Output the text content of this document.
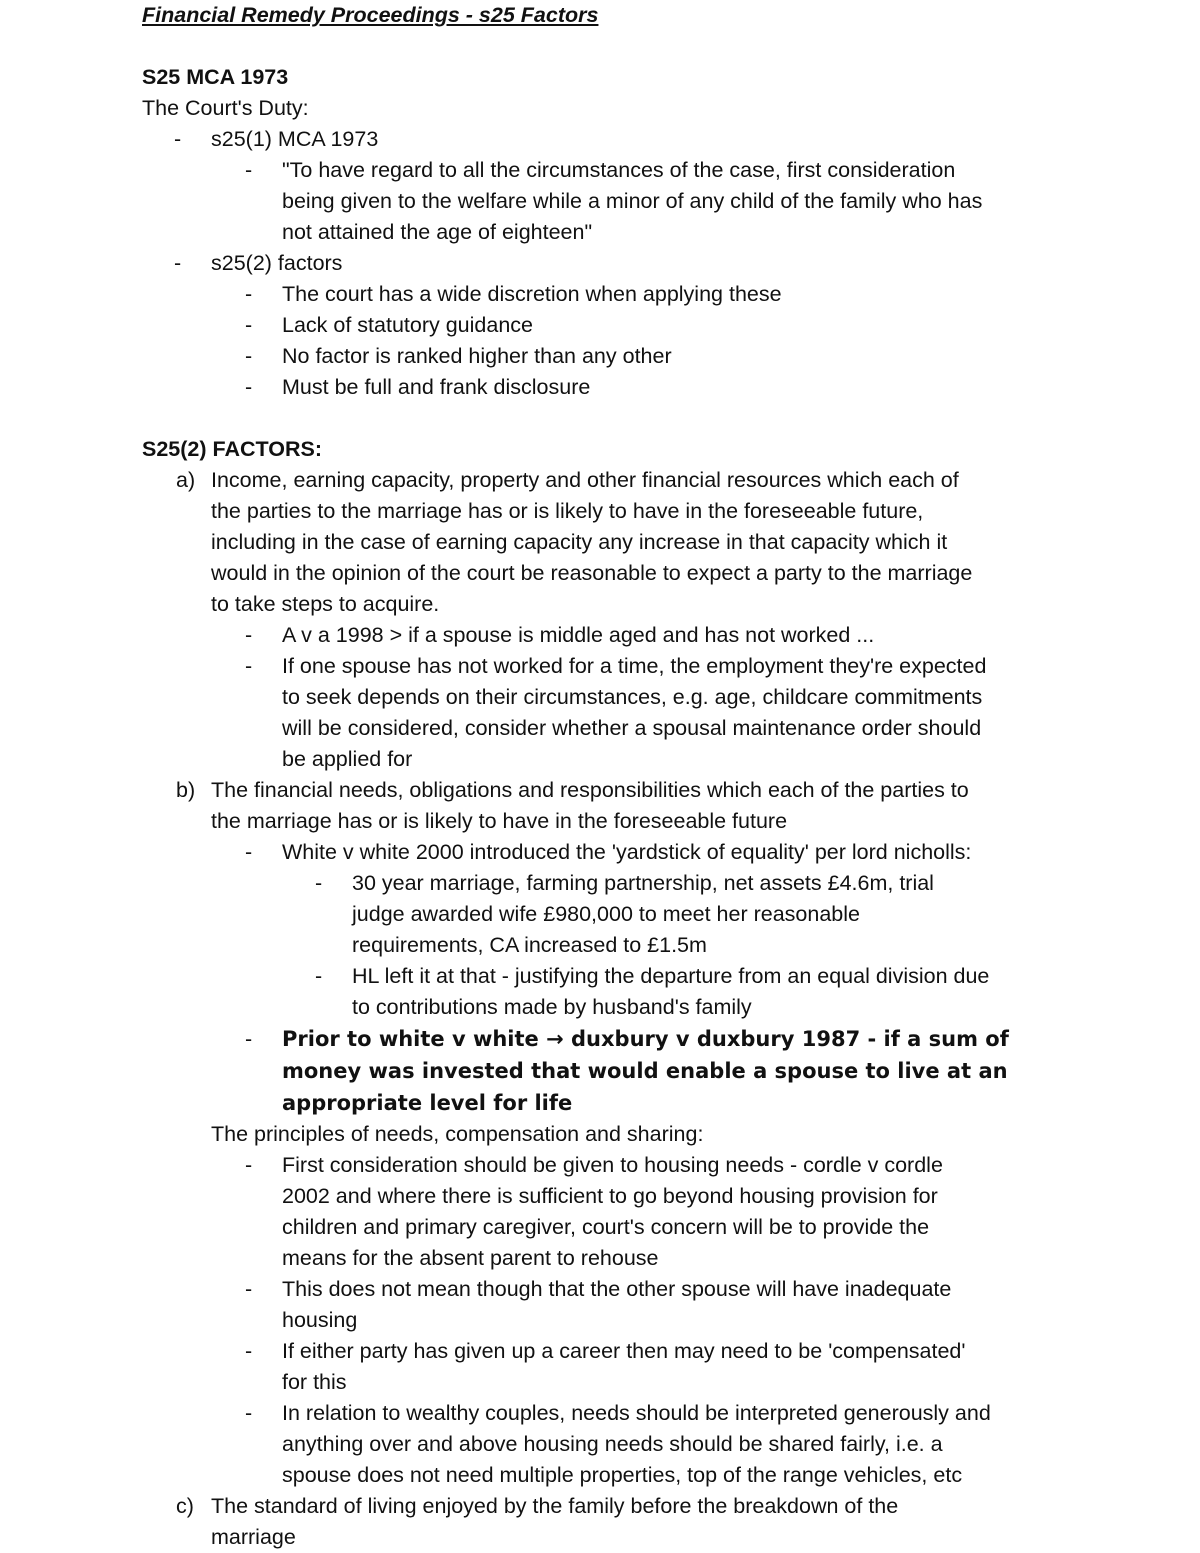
Financial Remedy Proceedings - s25 Factors
S25 MCA 1973
The Court's Duty:
- s25(1) MCA 1973
- "To have regard to all the circumstances of the case, first consideration
being given to the welfare while a minor of any child of the family who has
not attained the age of eighteen"
- s25(2) factors
- The court has a wide discretion when applying these
- Lack of statutory guidance
- No factor is ranked higher than any other
- Must be full and frank disclosure
S25(2) FACTORS:
a) Income, earning capacity, property and other financial resources which each of
the parties to the marriage has or is likely to have in the foreseeable future,
including in the case of earning capacity any increase in that capacity which it
would in the opinion of the court be reasonable to expect a party to the marriage
to take steps to acquire.
- A v a 1998 > if a spouse is middle aged and has not worked ...
- If one spouse has not worked for a time, the employment they're expected
to seek depends on their circumstances, e.g. age, childcare commitments
will be considered, consider whether a spousal maintenance order should
be applied for
b) The financial needs, obligations and responsibilities which each of the parties to
the marriage has or is likely to have in the foreseeable future
- White v white 2000 introduced the 'yardstick of equality' per lord nicholls:
- 30 year marriage, farming partnership, net assets £4.6m, trial
judge awarded wife £980,000 to meet her reasonable
requirements, CA increased to £1.5m
- HL left it at that - justifying the departure from an equal division due
to contributions made by husband's family
- Prior to white v white → duxbury v duxbury 1987 - if a sum of
money was invested that would enable a spouse to live at an
appropriate level for life
The principles of needs, compensation and sharing:
- First consideration should be given to housing needs - cordle v cordle
2002 and where there is sufficient to go beyond housing provision for
children and primary caregiver, court's concern will be to provide the
means for the absent parent to rehouse
- This does not mean though that the other spouse will have inadequate
housing
- If either party has given up a career then may need to be 'compensated'
for this
- In relation to wealthy couples, needs should be interpreted generously and
anything over and above housing needs should be shared fairly, i.e. a
spouse does not need multiple properties, top of the range vehicles, etc
c) The standard of living enjoyed by the family before the breakdown of the
marriage
